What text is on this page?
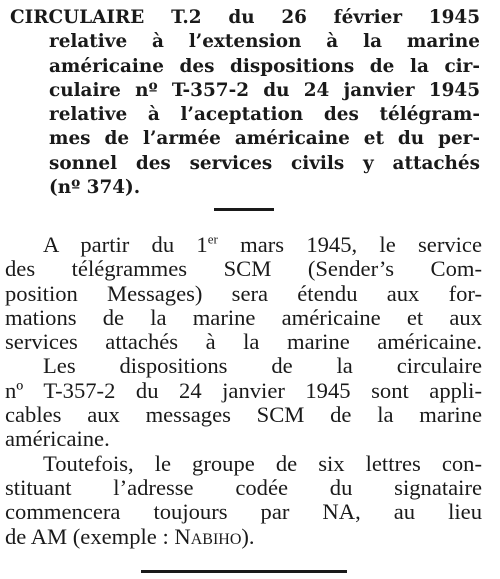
CIRCULAIRE T.2 du 26 février 1945
relative à l’extension à la marine
américaine des dispositions de la cir-
culaire nº T-357-2 du 24 janvier 1945
relative à l’aceptation des télégram-
mes de l’armée américaine et du per-
sonnel des services civils y attachés
(nº 374).
A partir du 1er mars 1945, le service
des télégrammes SCM (Sender’s Com-
position Messages) sera étendu aux for-
mations de la marine américaine et aux
services attachés à la marine américaine.
Les dispositions de la circulaire
nº T-357-2 du 24 janvier 1945 sont appli-
cables aux messages SCM de la marine
américaine.
Toutefois, le groupe de six lettres con-
stituant l’adresse codée du signataire
commencera toujours par NA, au lieu
de AM (exemple : Nabiho).
